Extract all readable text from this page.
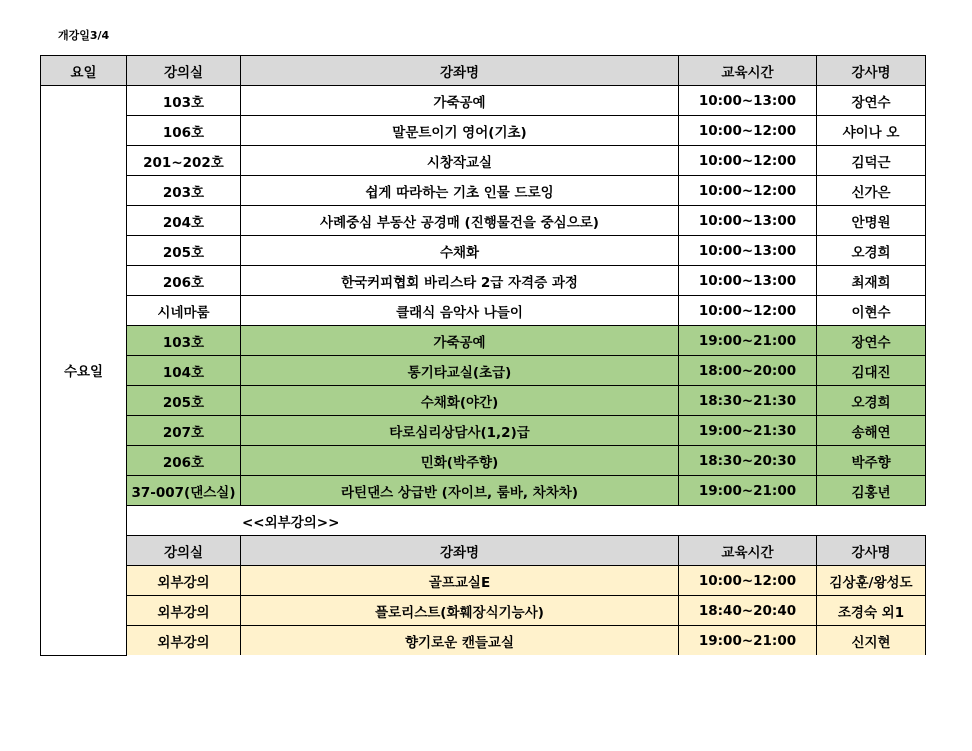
개강일3/4
요일	강의실	강좌명	교육시간	강사명
수요일	103호	가죽공예	10:00~13:00	장연수
	106호	말문트이기 영어(기초)	10:00~12:00	샤이나 오
	201~202호	시창작교실	10:00~12:00	김덕근
	203호	쉽게 따라하는 기초 인물 드로잉	10:00~12:00	신가은
	204호	사례중심 부동산 공경매 (진행물건을 중심으로)	10:00~13:00	안명원
	205호	수채화	10:00~13:00	오경희
	206호	한국커피협회 바리스타 2급 자격증 과정	10:00~13:00	최재희
	시네마룸	클래식 음악사 나들이	10:00~12:00	이현수
	103호	가죽공예	19:00~21:00	장연수
	104호	통기타교실(초급)	18:00~20:00	김대진
	205호	수채화(야간)	18:30~21:30	오경희
	207호	타로심리상담사(1,2)급	19:00~21:30	송해연
	206호	민화(박주향)	18:30~20:30	박주향
	37-007(댄스실)	라틴댄스 상급반 (자이브, 룸바, 차차차)	19:00~21:00	김홍년
	<<외부강의>>			
	강의실	강좌명	교육시간	강사명
	외부강의	골프교실E	10:00~12:00	김상훈/왕성도
	외부강의	플로리스트(화훼장식기능사)	18:40~20:40	조경숙 외1
	외부강의	향기로운 캔들교실	19:00~21:00	신지현
